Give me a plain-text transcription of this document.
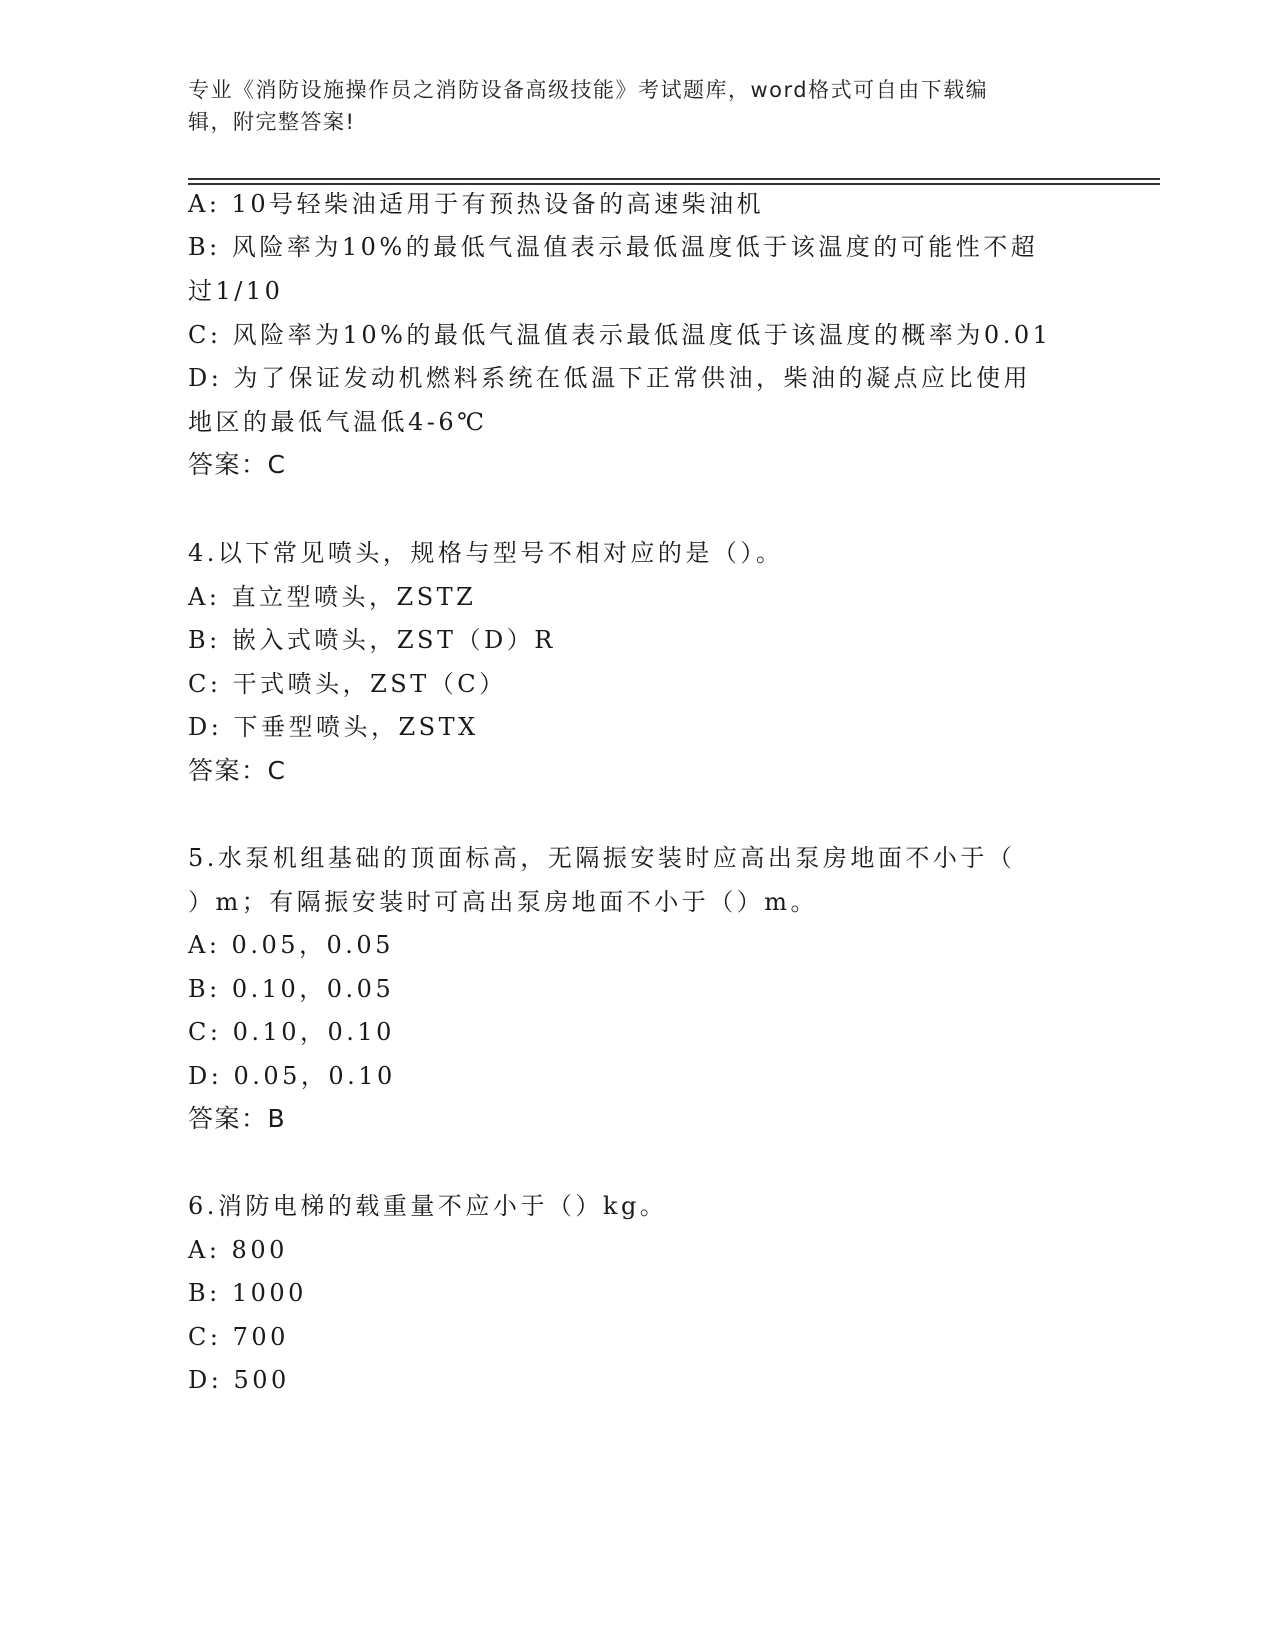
专业《消防设施操作员之消防设备高级技能》考试题库，word格式可自由下载编
辑，附完整答案!
A: 10号轻柴油适用于有预热设备的高速柴油机
B: 风险率为10%的最低气温值表示最低温度低于该温度的可能性不超
过1/10
C: 风险率为10%的最低气温值表示最低温度低于该温度的概率为0.01
D: 为了保证发动机燃料系统在低温下正常供油，柴油的凝点应比使用
地区的最低气温低4-6℃
答案：C
4.以下常见喷头，规格与型号不相对应的是（）。
A: 直立型喷头，ZSTZ
B: 嵌入式喷头，ZST（D）R
C: 干式喷头，ZST（C）
D: 下垂型喷头，ZSTX
答案：C
5.水泵机组基础的顶面标高，无隔振安装时应高出泵房地面不小于（
）m；有隔振安装时可高出泵房地面不小于（）m。
A: 0.05，0.05
B: 0.10，0.05
C: 0.10，0.10
D: 0.05，0.10
答案：B
6.消防电梯的载重量不应小于（）kg。
A: 800
B: 1000
C: 700
D: 500
